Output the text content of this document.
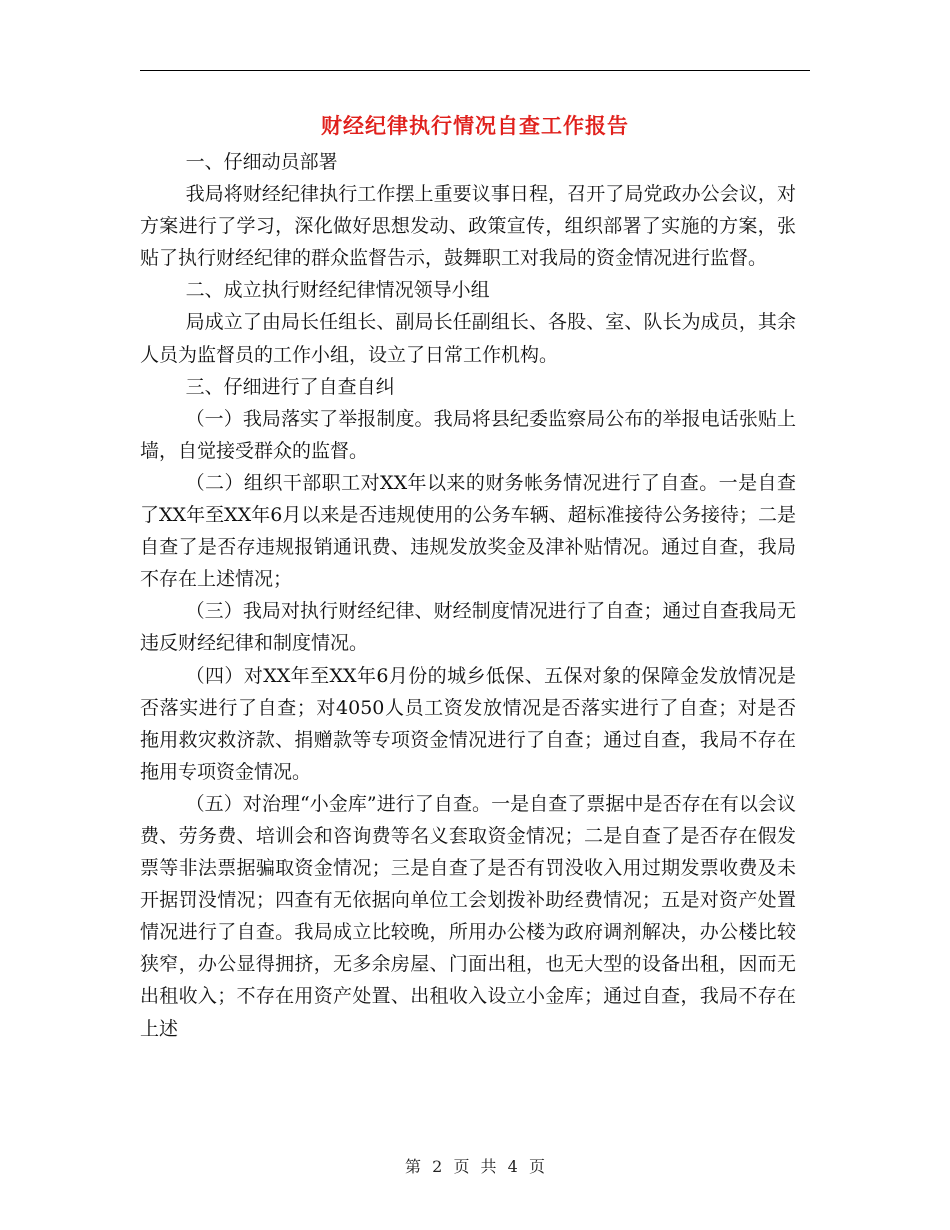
财经纪律执行情况自查工作报告

一、仔细动员部署

我局将财经纪律执行工作摆上重要议事日程，召开了局党政办公会议，对方案进行了学习，深化做好思想发动、政策宣传，组织部署了实施的方案，张贴了执行财经纪律的群众监督告示，鼓舞职工对我局的资金情况进行监督。

二、成立执行财经纪律情况领导小组

局成立了由局长任组长、副局长任副组长、各股、室、队长为成员，其余人员为监督员的工作小组，设立了日常工作机构。

三、仔细进行了自查自纠

（一）我局落实了举报制度。我局将县纪委监察局公布的举报电话张贴上墙，自觉接受群众的监督。

（二）组织干部职工对XX年以来的财务帐务情况进行了自查。一是自查了XX年至XX年6月以来是否违规使用的公务车辆、超标准接待公务接待；二是自查了是否存违规报销通讯费、违规发放奖金及津补贴情况。通过自查，我局不存在上述情况；

（三）我局对执行财经纪律、财经制度情况进行了自查；通过自查我局无违反财经纪律和制度情况。

（四）对XX年至XX年6月份的城乡低保、五保对象的保障金发放情况是否落实进行了自查；对4050人员工资发放情况是否落实进行了自查；对是否拖用救灾救济款、捐赠款等专项资金情况进行了自查；通过自查，我局不存在拖用专项资金情况。

（五）对治理“小金库”进行了自查。一是自查了票据中是否存在有以会议费、劳务费、培训会和咨询费等名义套取资金情况；二是自查了是否存在假发票等非法票据骗取资金情况；三是自查了是否有罚没收入用过期发票收费及未开据罚没情况；四查有无依据向单位工会划拨补助经费情况；五是对资产处置情况进行了自查。我局成立比较晚，所用办公楼为政府调剂解决，办公楼比较狭窄，办公显得拥挤，无多余房屋、门面出租，也无大型的设备出租，因而无出租收入；不存在用资产处置、出租收入设立小金库；通过自查，我局不存在上述

第 2 页 共 4 页
